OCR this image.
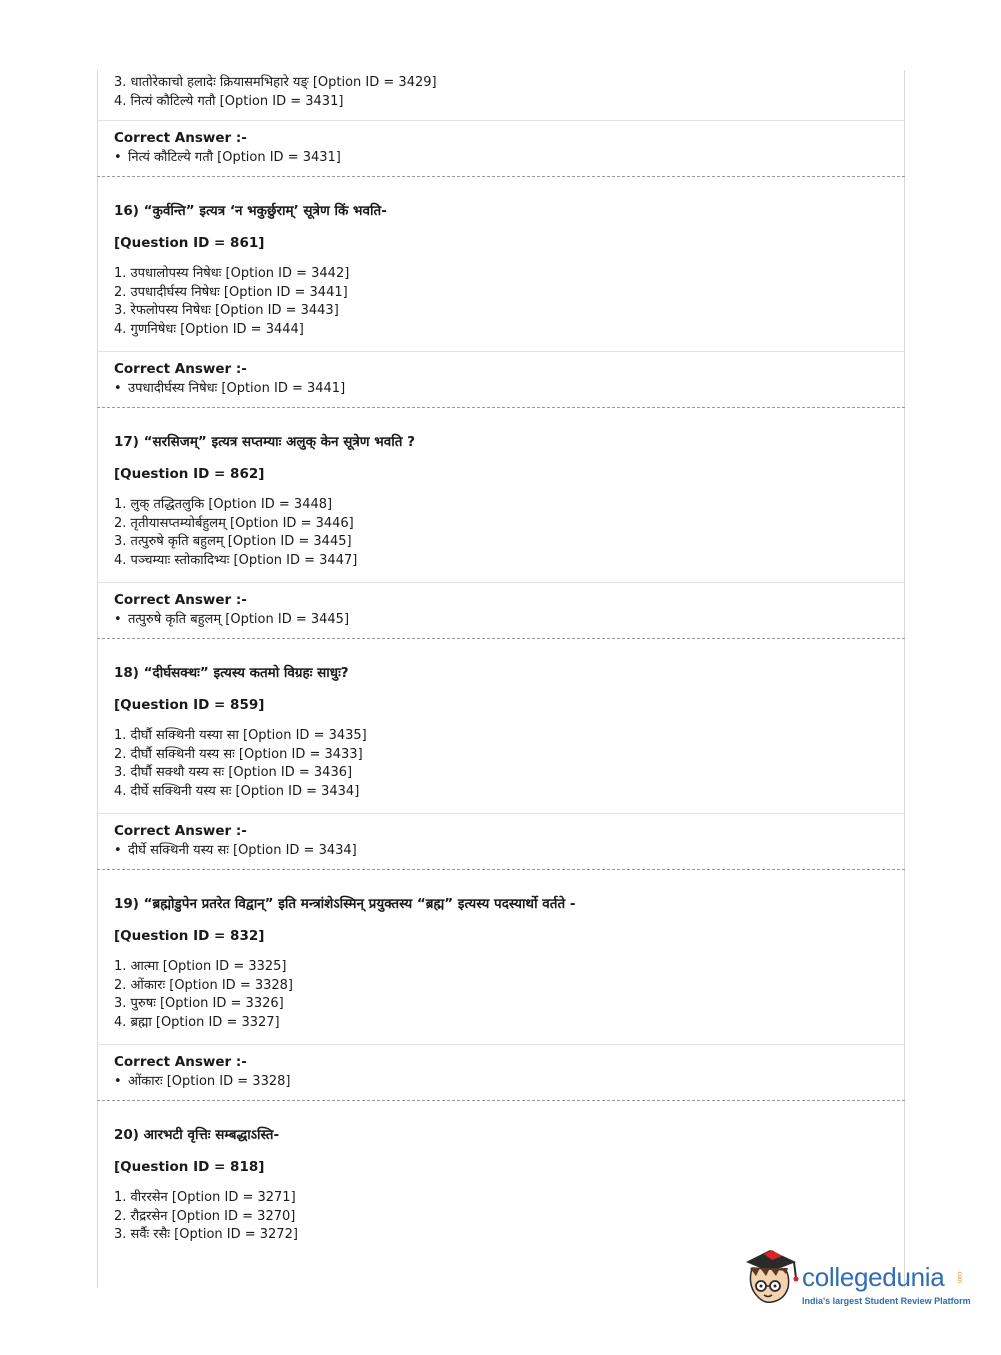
3. धातोरेकाचो हलादेः क्रियासमभिहारे यङ् [Option ID = 3429]
4. नित्यं कौटिल्ये गतौ [Option ID = 3431]
Correct Answer :-
• नित्यं कौटिल्ये गतौ [Option ID = 3431]
16) “कुर्वन्ति” इत्यत्र ‘न भकुर्छुराम्’ सूत्रेण किं भवति-
[Question ID = 861]
1. उपधालोपस्य निषेधः [Option ID = 3442]
2. उपधादीर्घस्य निषेधः [Option ID = 3441]
3. रेफलोपस्य निषेधः [Option ID = 3443]
4. गुणनिषेधः [Option ID = 3444]
Correct Answer :-
• उपधादीर्घस्य निषेधः [Option ID = 3441]
17) “सरसिजम्” इत्यत्र सप्तम्याः अलुक् केन सूत्रेण भवति ?
[Question ID = 862]
1. लुक् तद्धितलुकि [Option ID = 3448]
2. तृतीयासप्तम्योर्बहुलम् [Option ID = 3446]
3. तत्पुरुषे कृति बहुलम् [Option ID = 3445]
4. पञ्चम्याः स्तोकादिभ्यः [Option ID = 3447]
Correct Answer :-
• तत्पुरुषे कृति बहुलम् [Option ID = 3445]
18) “दीर्घसक्थः” इत्यस्य कतमो विग्रहः साधुः?
[Question ID = 859]
1. दीर्घौ सक्थिनी यस्या सा [Option ID = 3435]
2. दीर्घौ सक्थिनी यस्य सः [Option ID = 3433]
3. दीर्घौ सक्थौ यस्य सः [Option ID = 3436]
4. दीर्घे सक्थिनी यस्य सः [Option ID = 3434]
Correct Answer :-
• दीर्घे सक्थिनी यस्य सः [Option ID = 3434]
19) “ब्रह्मोडुपेन प्रतरेत विद्वान्” इति मन्त्रांशेऽस्मिन् प्रयुक्तस्य “ब्रह्म” इत्यस्य पदस्यार्थो वर्तते -
[Question ID = 832]
1. आत्मा [Option ID = 3325]
2. ओंकारः [Option ID = 3328]
3. पुरुषः [Option ID = 3326]
4. ब्रह्मा [Option ID = 3327]
Correct Answer :-
• ओंकारः [Option ID = 3328]
20) आरभटी वृत्तिः सम्बद्धाऽस्ति-
[Question ID = 818]
1. वीररसेन [Option ID = 3271]
2. रौद्ररसेन [Option ID = 3270]
3. सर्वैः रसैः [Option ID = 3272]
collegedunia .com
India's largest Student Review Platform
